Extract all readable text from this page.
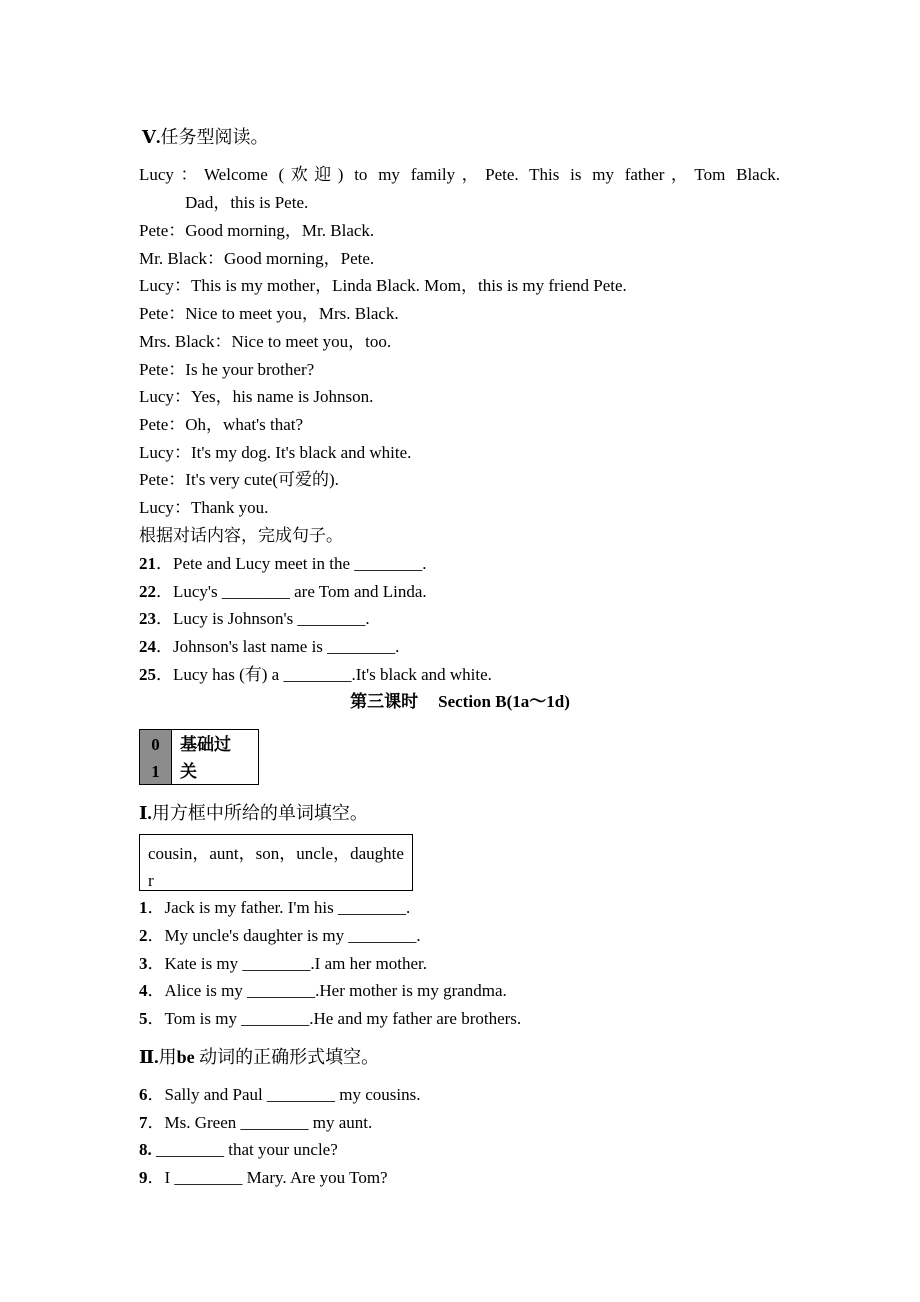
Ⅴ.任务型阅读。
Lucy：Welcome (欢迎) to my family，Pete. This is my father，Tom Black.
Dad，this is Pete.
Pete：Good morning，Mr. Black.
Mr. Black：Good morning，Pete.
Lucy：This is my mother，Linda Black. Mom，this is my friend Pete.
Pete：Nice to meet you，Mrs. Black.
Mrs. Black：Nice to meet you，too.
Pete：Is he your brother?
Lucy：Yes，his name is Johnson.
Pete：Oh，what's that?
Lucy：It's my dog. It's black and white.
Pete：It's very cute(可爱的).
Lucy：Thank you.
根据对话内容，完成句子。
21．Pete and Lucy meet in the ________.
22．Lucy's ________ are Tom and Linda.
23．Lucy is Johnson's ________.
24．Johnson's last name is ________.
25．Lucy has (有) a ________.It's black and white.
第三课时 Section B(1a～1d)
0
1
基础过
关
Ⅰ.用方框中所给的单词填空。
cousin，aunt，son，uncle，daughter
1．Jack is my father. I'm his ________.
2．My uncle's daughter is my ________.
3．Kate is my ________.I am her mother.
4．Alice is my ________.Her mother is my grandma.
5．Tom is my ________.He and my father are brothers.
Ⅱ.用be 动词的正确形式填空。
6．Sally and Paul ________ my cousins.
7．Ms. Green ________ my aunt.
8. ________ that your uncle?
9．I ________ Mary. Are you Tom?
